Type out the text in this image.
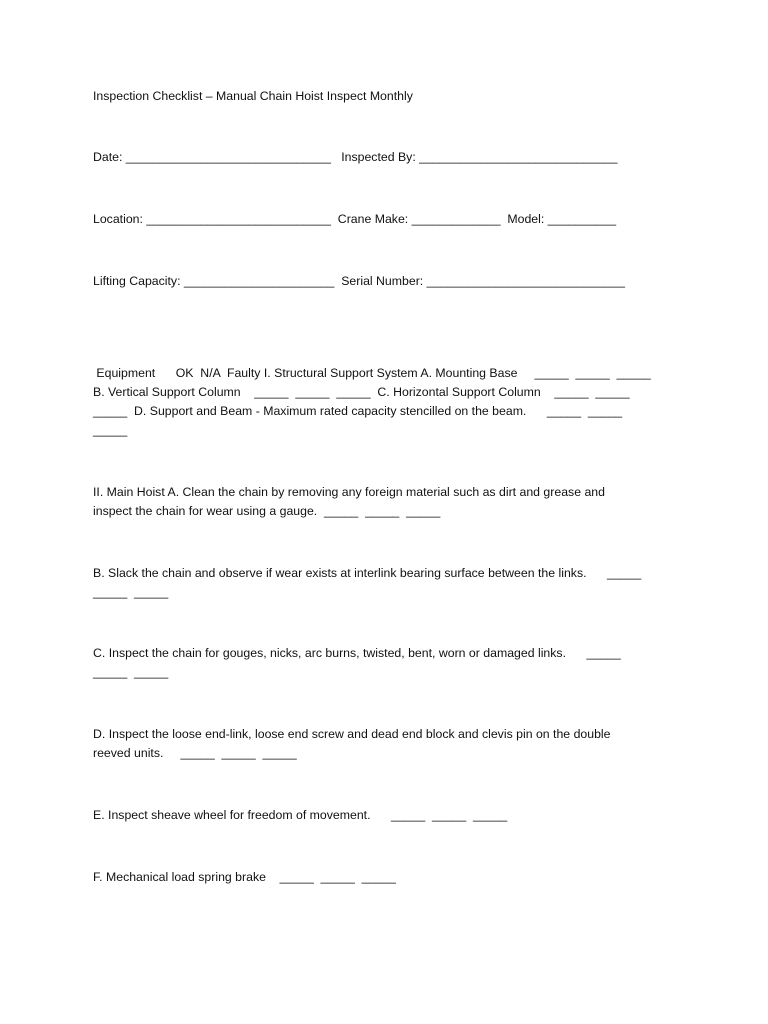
Inspection Checklist – Manual Chain Hoist Inspect Monthly

Date: ______________________________   Inspected By: _____________________________

Location: ___________________________  Crane Make: _____________  Model: __________

Lifting Capacity: ______________________  Serial Number: _____________________________

Equipment      OK  N/A  Faulty I. Structural Support System A. Mounting Base     _____  _____  _____
B. Vertical Support Column    _____  _____  _____  C. Horizontal Support Column    _____  _____
_____  D. Support and Beam - Maximum rated capacity stencilled on the beam.      _____  _____
_____

II. Main Hoist A. Clean the chain by removing any foreign material such as dirt and grease and
inspect the chain for wear using a gauge.  _____  _____  _____

B. Slack the chain and observe if wear exists at interlink bearing surface between the links.      _____
_____  _____

C. Inspect the chain for gouges, nicks, arc burns, twisted, bent, worn or damaged links.      _____
_____  _____

D. Inspect the loose end-link, loose end screw and dead end block and clevis pin on the double
reeved units.     _____  _____  _____

E. Inspect sheave wheel for freedom of movement.      _____  _____  _____

F. Mechanical load spring brake    _____  _____  _____
